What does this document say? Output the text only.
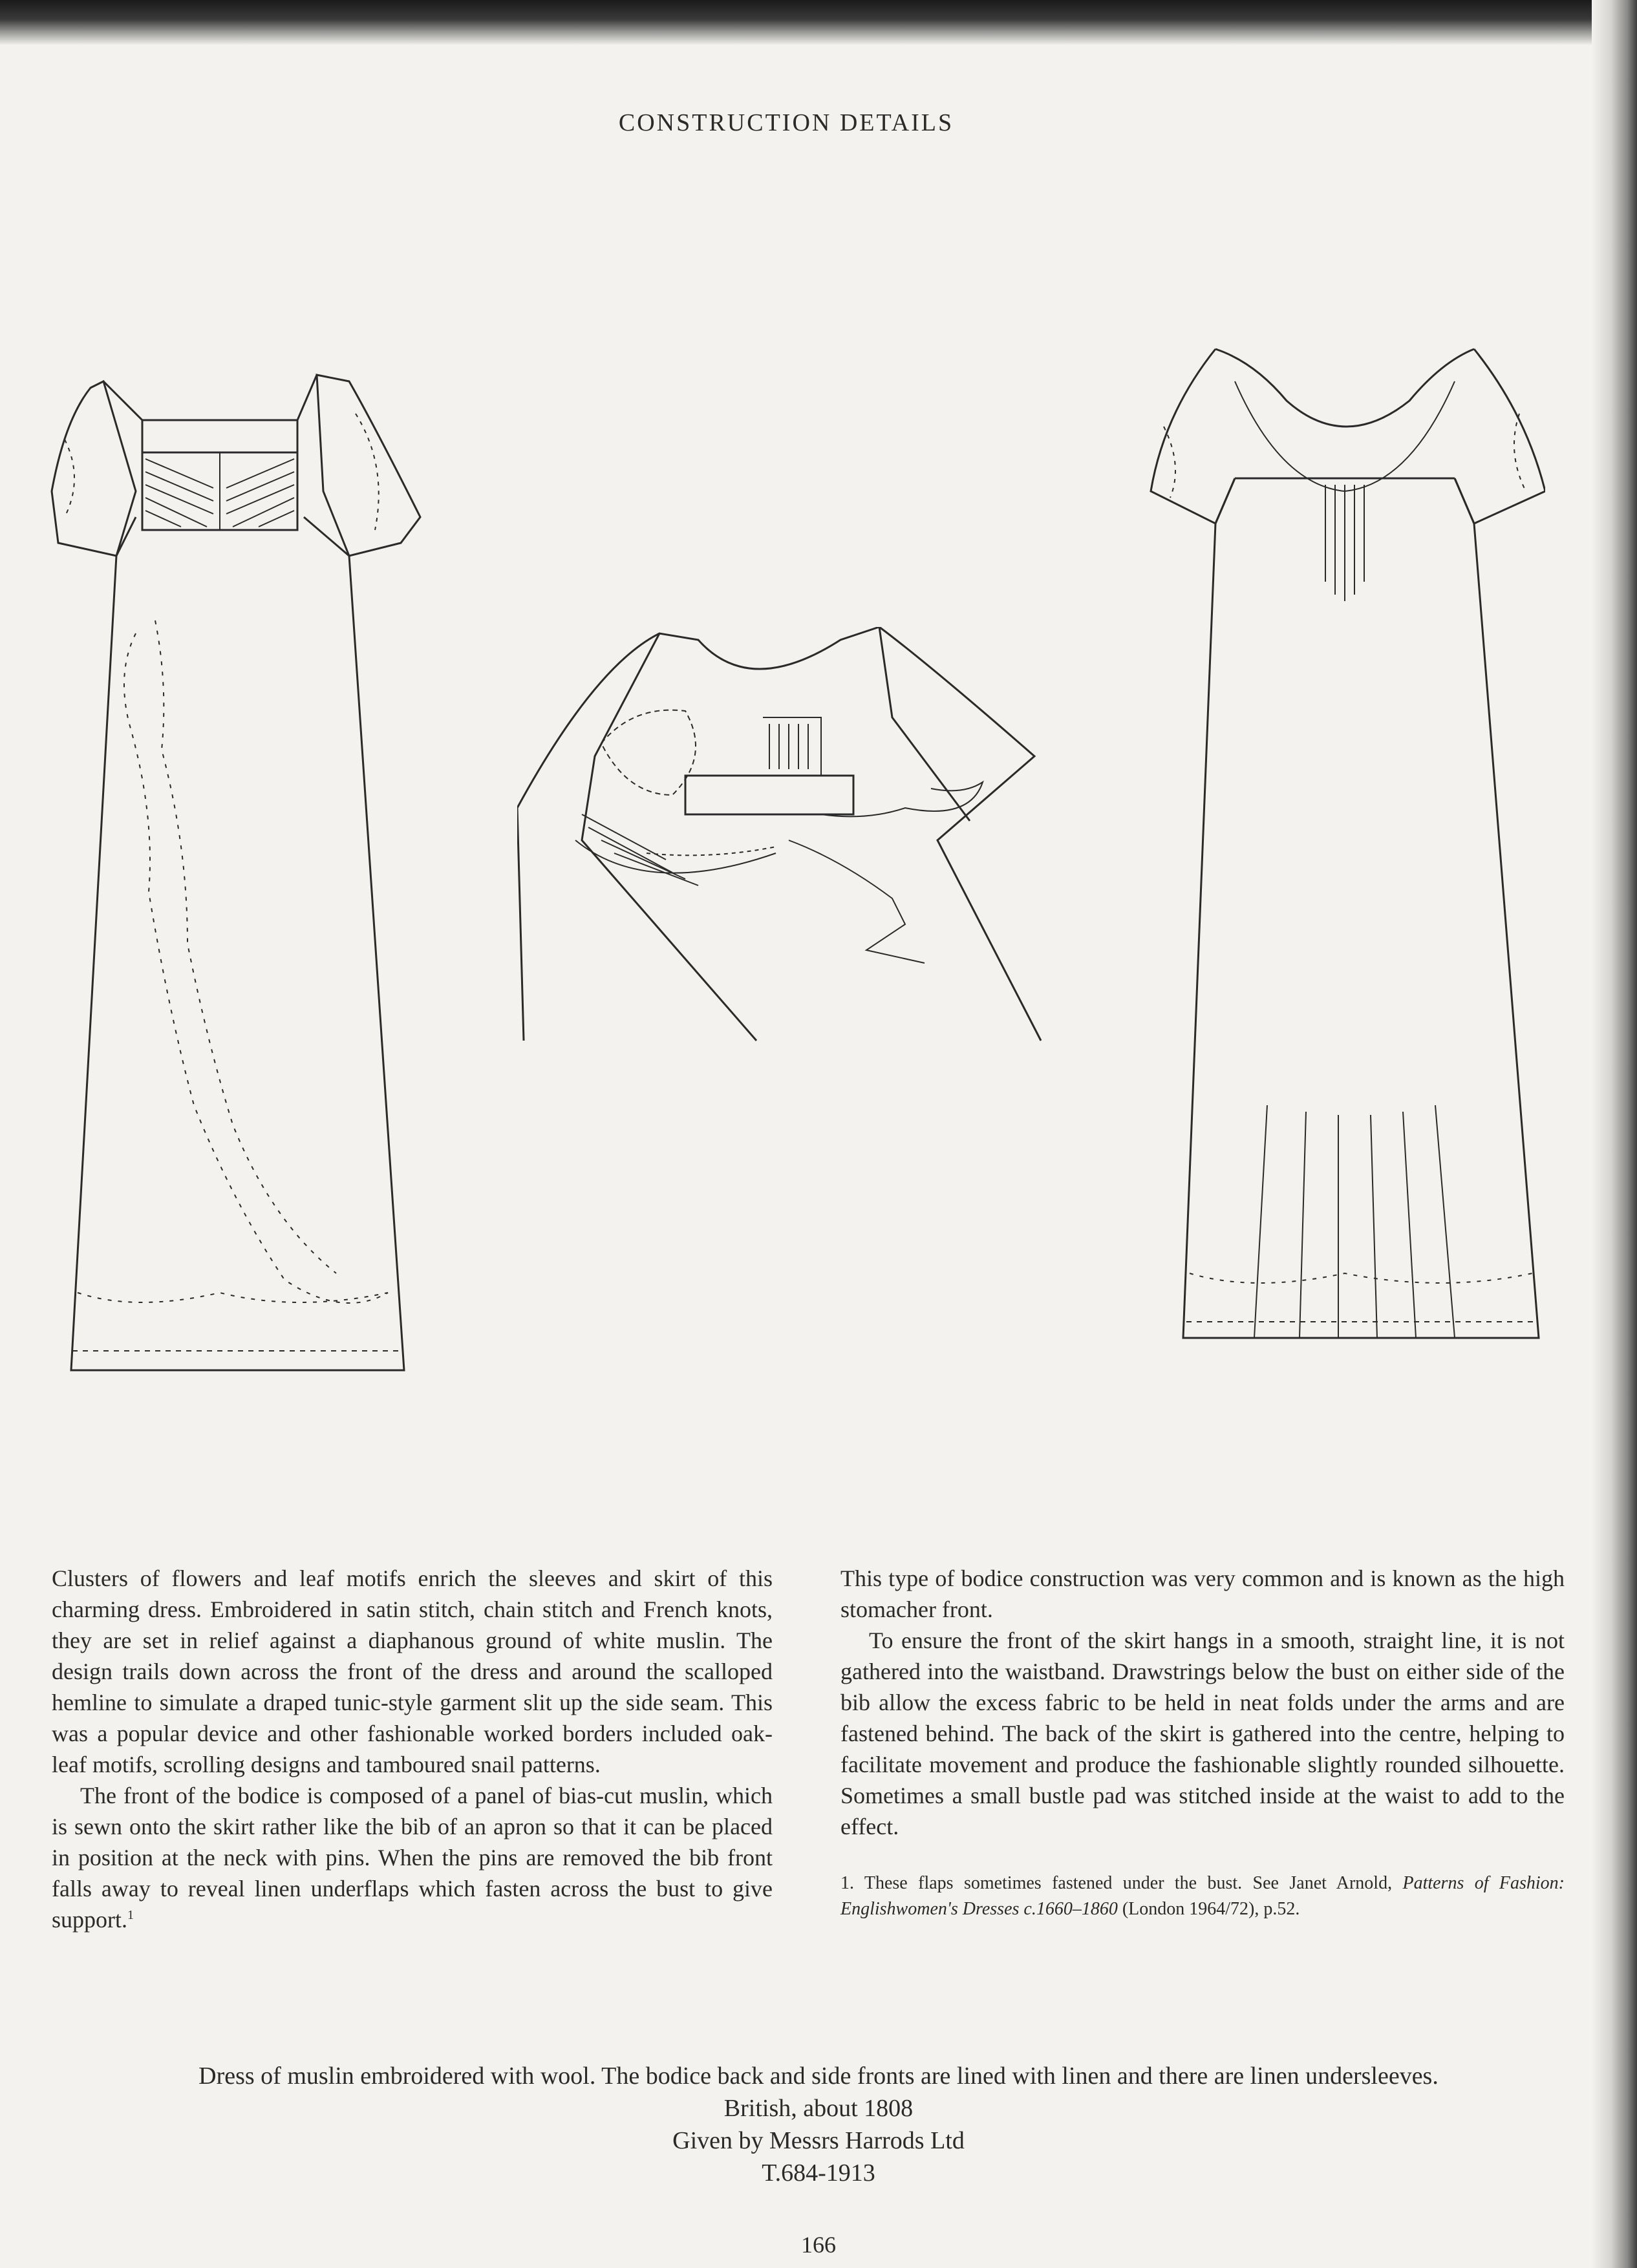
CONSTRUCTION DETAILS

Clusters of flowers and leaf motifs enrich the sleeves and skirt of this charming dress. Embroidered in satin stitch, chain stitch and French knots, they are set in relief against a diaphanous ground of white muslin. The design trails down across the front of the dress and around the scalloped hemline to simulate a draped tunic-style garment slit up the side seam. This was a popular device and other fashionable worked borders included oak-leaf motifs, scrolling designs and tamboured snail patterns.

The front of the bodice is composed of a panel of bias-cut muslin, which is sewn onto the skirt rather like the bib of an apron so that it can be placed in position at the neck with pins. When the pins are removed the bib front falls away to reveal linen underflaps which fasten across the bust to give support.$^1$

This type of bodice construction was very common and is known as the high stomacher front.

To ensure the front of the skirt hangs in a smooth, straight line, it is not gathered into the waistband. Drawstrings below the bust on either side of the bib allow the excess fabric to be held in neat folds under the arms and are fastened behind. The back of the skirt is gathered into the centre, helping to facilitate movement and produce the fashionable slightly rounded silhouette. Sometimes a small bustle pad was stitched inside at the waist to add to the effect.

1. These flaps sometimes fastened under the bust. See Janet Arnold, Patterns of Fashion: Englishwomen's Dresses c.1660–1860 (London 1964/72), p.52.

Dress of muslin embroidered with wool. The bodice back and side fronts are lined with linen and there are linen undersleeves.
British, about 1808
Given by Messrs Harrods Ltd
T.684-1913
166
